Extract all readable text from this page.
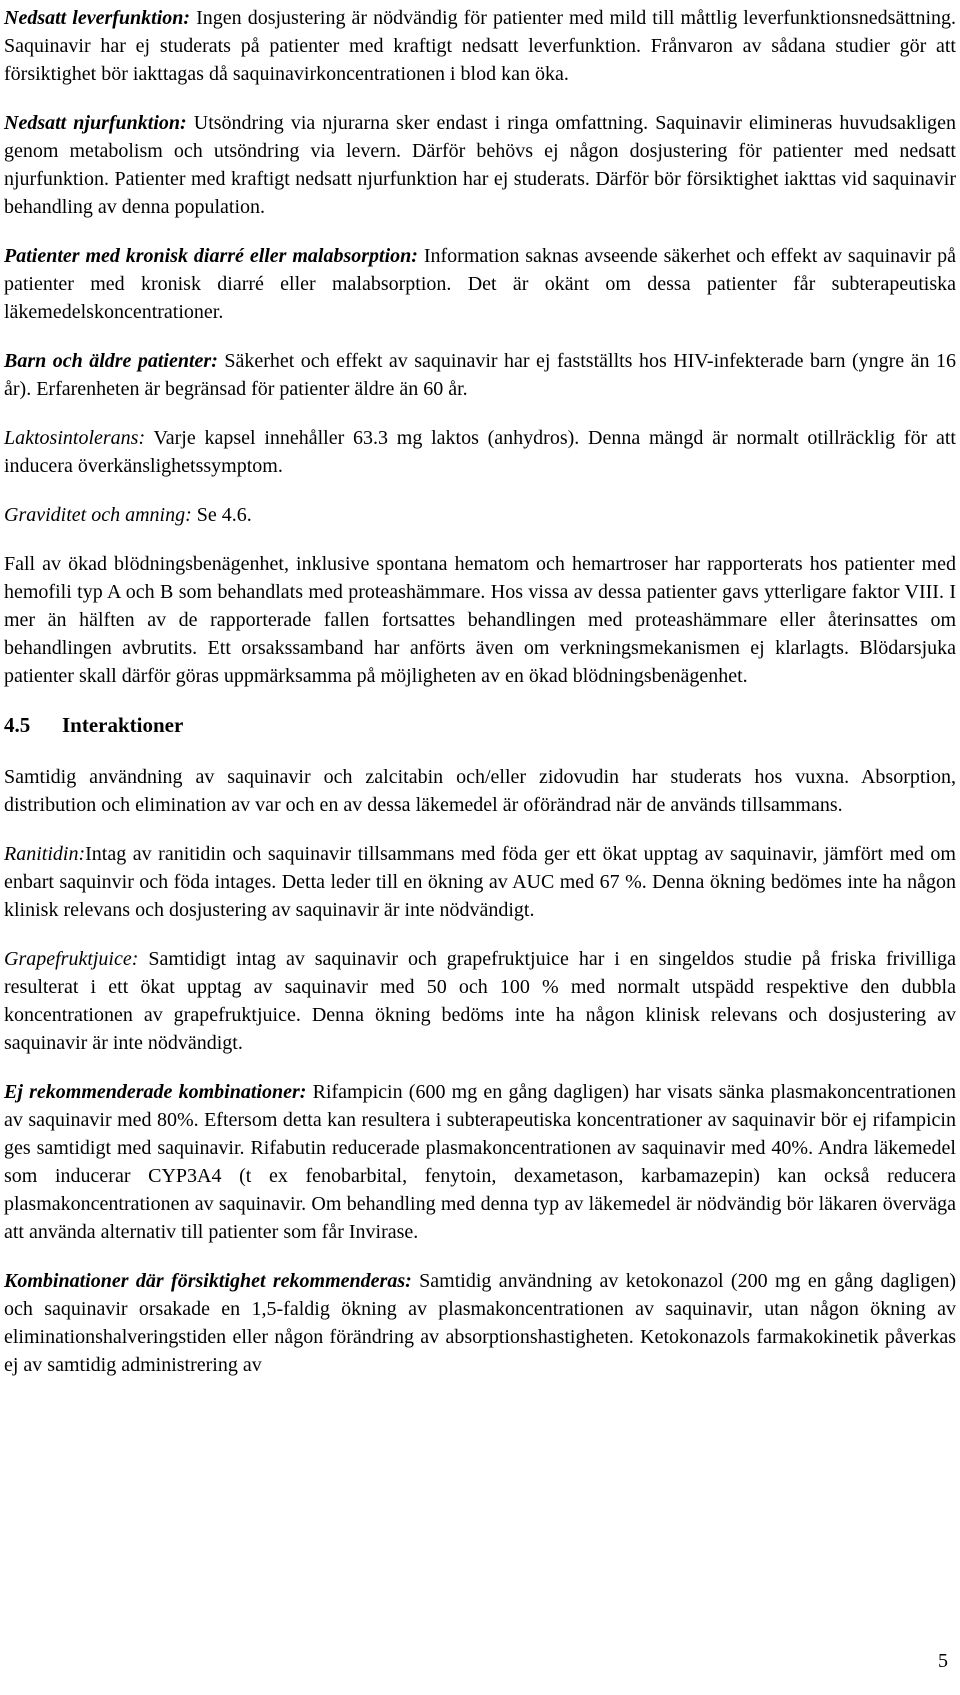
Nedsatt leverfunktion: Ingen dosjustering är nödvändig för patienter med mild till måttlig leverfunktionsnedsättning. Saquinavir har ej studerats på patienter med kraftigt nedsatt leverfunktion. Frånvaron av sådana studier gör att försiktighet bör iakttagas då saquinavirkoncentrationen i blod kan öka.

Nedsatt njurfunktion: Utsöndring via njurarna sker endast i ringa omfattning. Saquinavir elimineras huvudsakligen genom metabolism och utsöndring via levern. Därför behövs ej någon dosjustering för patienter med nedsatt njurfunktion. Patienter med kraftigt nedsatt njurfunktion har ej studerats. Därför bör försiktighet iakttas vid saquinavir behandling av denna population.

Patienter med kronisk diarré eller malabsorption: Information saknas avseende säkerhet och effekt av saquinavir på patienter med kronisk diarré eller malabsorption. Det är okänt om dessa patienter får subterapeutiska läkemedelskoncentrationer.

Barn och äldre patienter: Säkerhet och effekt av saquinavir har ej fastställts hos HIV-infekterade barn (yngre än 16 år). Erfarenheten är begränsad för patienter äldre än 60 år.

Laktosintolerans: Varje kapsel innehåller 63.3 mg laktos (anhydros). Denna mängd är normalt otillräcklig för att inducera överkänslighetssymptom.

Graviditet och amning: Se 4.6.

Fall av ökad blödningsbenägenhet, inklusive spontana hematom och hemartroser har rapporterats hos patienter med hemofili typ A och B som behandlats med proteashämmare. Hos vissa av dessa patienter gavs ytterligare faktor VIII. I mer än hälften av de rapporterade fallen fortsattes behandlingen med proteashämmare eller återinsattes om behandlingen avbrutits. Ett orsakssamband har anförts även om verkningsmekanismen ej klarlagts. Blödarsjuka patienter skall därför göras uppmärksamma på möjligheten av en ökad blödningsbenägenhet.

4.5 Interaktioner

Samtidig användning av saquinavir och zalcitabin och/eller zidovudin har studerats hos vuxna. Absorption, distribution och elimination av var och en av dessa läkemedel är oförändrad när de används tillsammans.

Ranitidin:Intag av ranitidin och saquinavir tillsammans med föda ger ett ökat upptag av saquinavir, jämfört med om enbart saquinvir och föda intages. Detta leder till en ökning av AUC med 67 %. Denna ökning bedömes inte ha någon klinisk relevans och dosjustering av saquinavir är inte nödvändigt.

Grapefruktjuice: Samtidigt intag av saquinavir och grapefruktjuice har i en singeldos studie på friska frivilliga resulterat i ett ökat upptag av saquinavir med 50 och 100 % med normalt utspädd respektive den dubbla koncentrationen av grapefruktjuice. Denna ökning bedöms inte ha någon klinisk relevans och dosjustering av saquinavir är inte nödvändigt.

Ej rekommenderade kombinationer: Rifampicin (600 mg en gång dagligen) har visats sänka plasmakoncentrationen av saquinavir med 80%. Eftersom detta kan resultera i subterapeutiska koncentrationer av saquinavir bör ej rifampicin ges samtidigt med saquinavir. Rifabutin reducerade plasmakoncentrationen av saquinavir med 40%. Andra läkemedel som inducerar CYP3A4 (t ex fenobarbital, fenytoin, dexametason, karbamazepin) kan också reducera plasmakoncentrationen av saquinavir. Om behandling med denna typ av läkemedel är nödvändig bör läkaren överväga att använda alternativ till patienter som får Invirase.

Kombinationer där försiktighet rekommenderas: Samtidig användning av ketokonazol (200 mg en gång dagligen) och saquinavir orsakade en 1,5-faldig ökning av plasmakoncentrationen av saquinavir, utan någon ökning av eliminationshalveringstiden eller någon förändring av absorptionshastigheten. Ketokonazols farmakokinetik påverkas ej av samtidig administrering av

5
